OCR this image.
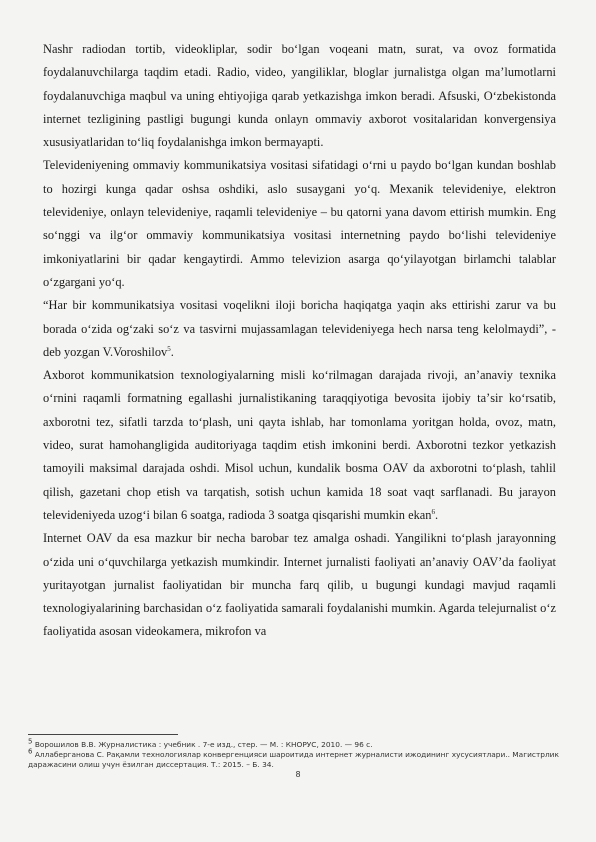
Nashr radiodan tortib, videokliplar, sodir boʻlgan voqeani matn, surat, va ovoz formatida foydalanuvchilarga taqdim etadi. Radio, video, yangiliklar, bloglar jurnalistga olgan maʼlumotlarni foydalanuvchiga maqbul va uning ehtiyojiga qarab yetkazishga imkon beradi. Afsuski, Oʻzbekistonda internet tezligining pastligi bugungi kunda onlayn ommaviy axborot vositalaridan konvergensiya xususiyatlaridan toʻliq foydalanishga imkon bermayapti.

Televideniyening ommaviy kommunikatsiya vositasi sifatidagi oʻrni u paydo boʻlgan kundan boshlab to hozirgi kunga qadar oshsa oshdiki, aslo susaygani yoʻq. Mexanik televideniye, elektron televideniye, onlayn televideniye, raqamli televideniye – bu qatorni yana davom ettirish mumkin. Eng soʻnggi va ilgʻor ommaviy kommunikatsiya vositasi internetning paydo boʻlishi televideniye imkoniyatlarini bir qadar kengaytirdi. Ammo televizion asarga qoʻyilayotgan birlamchi talablar oʻzgargani yoʻq.

“Har bir kommunikatsiya vositasi voqelikni iloji boricha haqiqatga yaqin aks ettirishi zarur va bu borada oʻzida ogʻzaki soʻz va tasvirni mujassamlagan televideniyega hech narsa teng kelolmaydi”, - deb yozgan V.Voroshilov$^5$.

Axborot kommunikatsion texnologiyalarning misli koʻrilmagan darajada rivoji, anʼanaviy texnika oʻrnini raqamli formatning egallashi jurnalistikaning taraqqiyotiga bevosita ijobiy taʼsir koʻrsatib, axborotni tez, sifatli tarzda toʻplash, uni qayta ishlab, har tomonlama yoritgan holda, ovoz, matn, video, surat hamohangligida auditoriyaga taqdim etish imkonini berdi. Axborotni tezkor yetkazish tamoyili maksimal darajada oshdi. Misol uchun, kundalik bosma OAV da axborotni toʻplash, tahlil qilish, gazetani chop etish va tarqatish, sotish uchun kamida 18 soat vaqt sarflanadi. Bu jarayon televideniyeda uzogʻi bilan 6 soatga, radioda 3 soatga qisqarishi mumkin ekan$^6$.

Internet OAV da esa mazkur bir necha barobar tez amalga oshadi. Yangilikni toʻplash jarayonning oʻzida uni oʻquvchilarga yetkazish mumkindir. Internet jurnalisti faoliyati anʼanaviy OAVʼda faoliyat yuritayotgan jurnalist faoliyatidan bir muncha farq qilib, u bugungi kundagi mavjud raqamli texnologiyalarining barchasidan oʻz faoliyatida samarali foydalanishi mumkin. Agarda telejurnalist oʻz faoliyatida asosan videokamera, mikrofon va

$^5$ Ворошилов В.В. Журналистика : учебник . 7-е изд., стер. — М. : КНОРУС, 2010. — 96 с.

$^6$ Аллаберганова С. Рақамли технологиялар конвергенцияси шароитида интернет журналисти ижодининг хусусиятлари.. Магистрлик даражасини олиш учун ёзилган диссертация. Т.: 2015. – Б. 34.

8
